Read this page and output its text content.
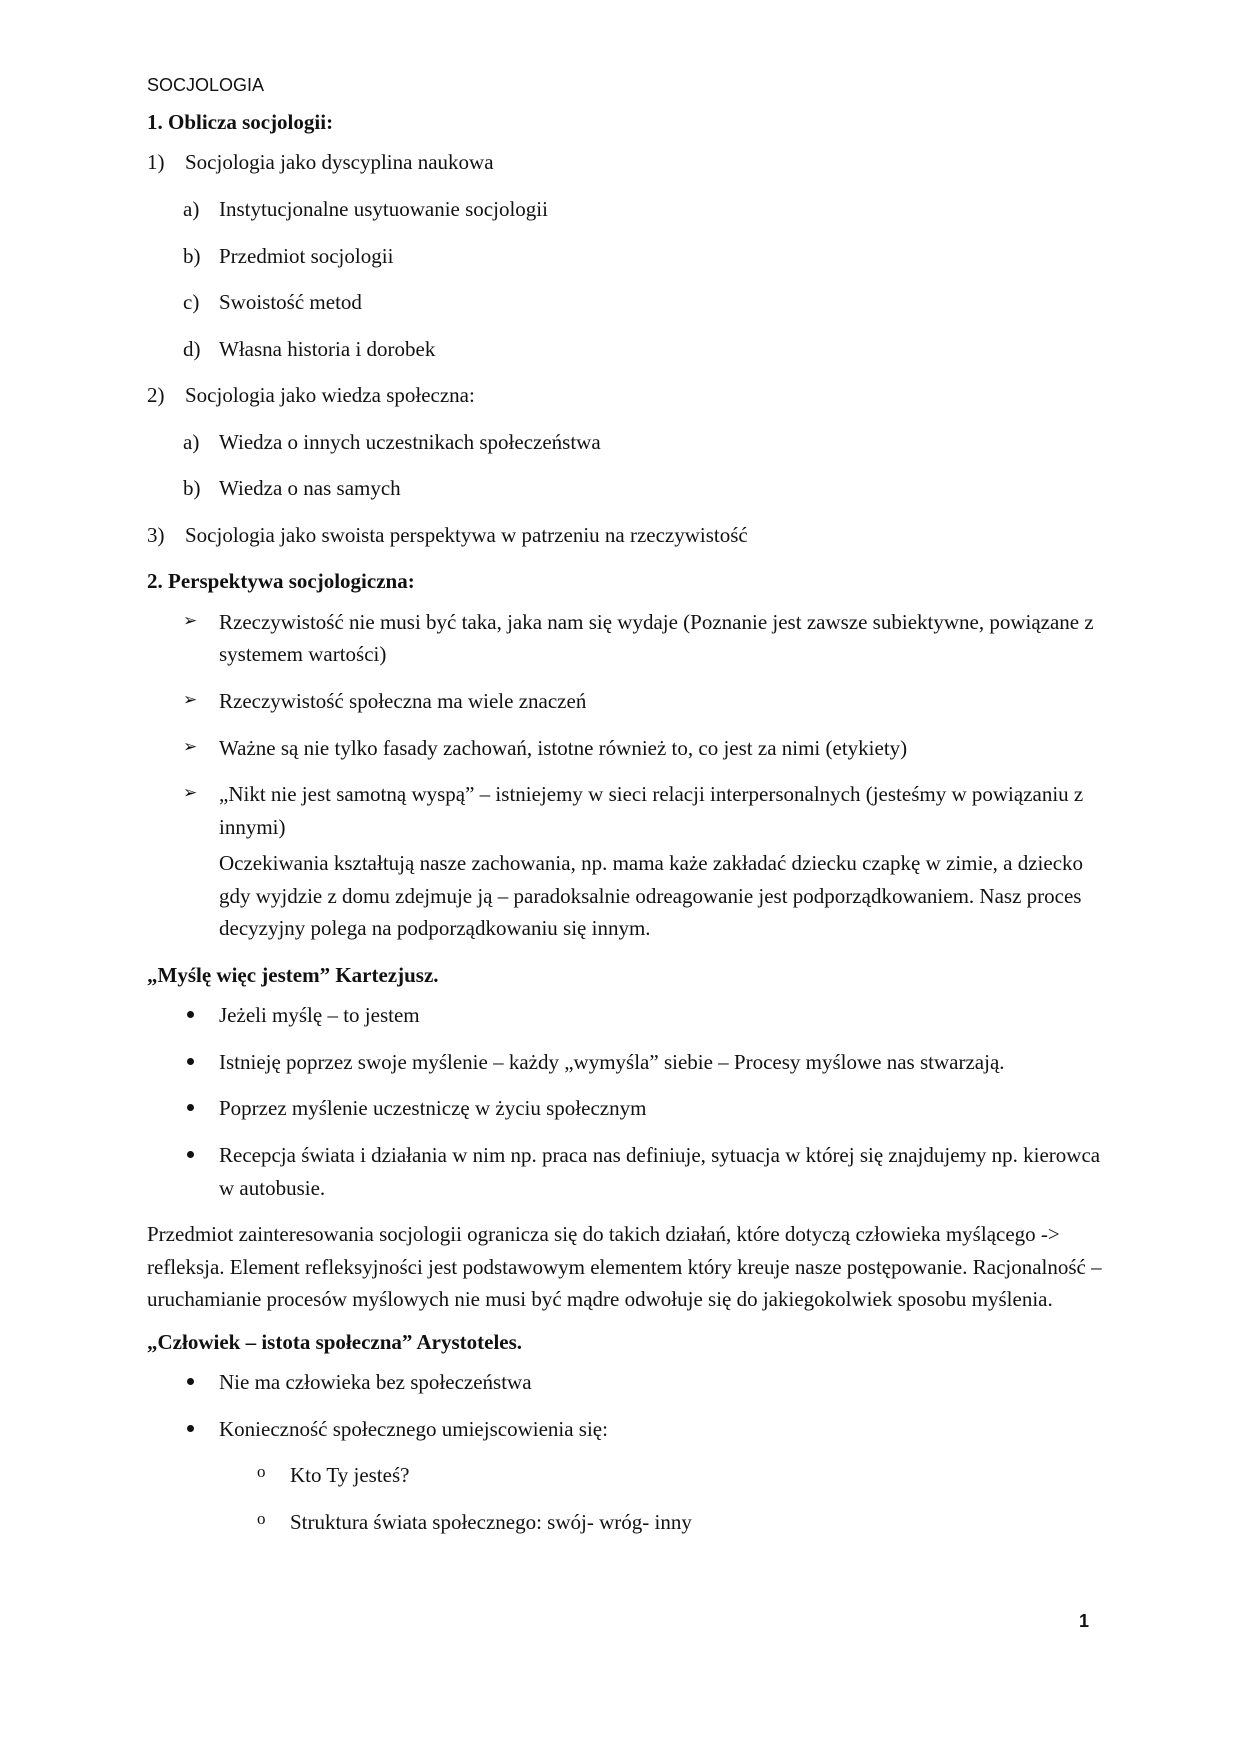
SOCJOLOGIA
1. Oblicza socjologii:
1) Socjologia jako dyscyplina naukowa
a) Instytucjonalne usytuowanie socjologii
b) Przedmiot socjologii
c) Swoistość metod
d) Własna historia i dorobek
2) Socjologia jako wiedza społeczna:
a) Wiedza o innych uczestnikach społeczeństwa
b) Wiedza o nas samych
3) Socjologia jako swoista perspektywa w patrzeniu na rzeczywistość
2. Perspektywa socjologiczna:
➢	Rzeczywistość nie musi być taka, jaka nam się wydaje (Poznanie jest zawsze subiektywne, powiązane z systemem wartości)
➢	Rzeczywistość społeczna ma wiele znaczeń
➢	Ważne są nie tylko fasady zachowań, istotne również to, co jest za nimi (etykiety)
➢	„Nikt nie jest samotną wyspą” – istniejemy w sieci relacji interpersonalnych (jesteśmy w powiązaniu z innymi)
Oczekiwania kształtują nasze zachowania, np. mama każe zakładać dziecku czapkę w zimie, a dziecko gdy wyjdzie z domu zdejmuje ją – paradoksalnie odreagowanie jest podporządkowaniem. Nasz proces decyzyjny polega na podporządkowaniu się innym.
„Myślę więc jestem” Kartezjusz.
Jeżeli myślę – to jestem
Istnieję poprzez swoje myślenie – każdy „wymyśla” siebie – Procesy myślowe nas stwarzają.
Poprzez myślenie uczestniczę w życiu społecznym
Recepcja świata i działania w nim np. praca nas definiuje, sytuacja w której się znajdujemy np. kierowca w autobusie.
Przedmiot zainteresowania socjologii ogranicza się do takich działań, które dotyczą człowieka myślącego -> refleksja. Element refleksyjności jest podstawowym elementem który kreuje nasze postępowanie. Racjonalność – uruchamianie procesów myślowych nie musi być mądre odwołuje się do jakiegokolwiek sposobu myślenia.
„Człowiek – istota społeczna” Arystoteles.
Nie ma człowieka bez społeczeństwa
Konieczność społecznego umiejscowienia się:
o	Kto Ty jesteś?
o	Struktura świata społecznego: swój- wróg- inny
1
